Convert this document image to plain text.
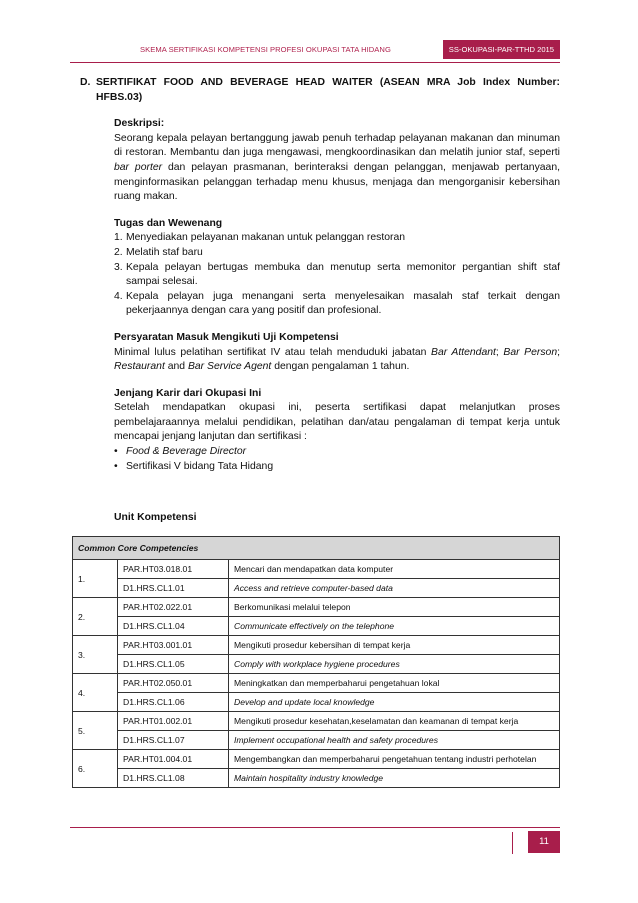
SS-OKUPASI-PAR-TTHD 2015
SKEMA SERTIFIKASI KOMPETENSI PROFESI OKUPASI TATA HIDANG

D. SERTIFIKAT FOOD AND BEVERAGE HEAD WAITER (ASEAN MRA Job Index Number: HFBS.03)

Deskripsi:

Seorang kepala pelayan bertanggung jawab penuh terhadap pelayanan makanan dan minuman di restoran. Membantu dan juga mengawasi, mengkoordinasikan dan melatih junior staf, seperti bar porter dan pelayan prasmanan, berinteraksi dengan pelanggan, menjawab pertanyaan, menginformasikan pelanggan terhadap menu khusus, menjaga dan mengorganisir kebersihan ruang makan.

Tugas dan Wewenang
1. Menyediakan pelayanan makanan untuk pelanggan restoran
2. Melatih staf baru
3. Kepala pelayan bertugas membuka dan menutup serta memonitor pergantian shift staf sampai selesai.
4. Kepala pelayan juga menangani serta menyelesaikan masalah staf terkait dengan pekerjaannya dengan cara yang positif dan profesional.
Persyaratan Masuk Mengikuti Uji Kompetensi

Minimal lulus pelatihan sertifikat IV atau telah menduduki jabatan Bar Attendant; Bar Person; Restaurant and Bar Service Agent dengan pengalaman 1 tahun.

Jenjang Karir dari Okupasi Ini

Setelah mendapatkan okupasi ini, peserta sertifikasi dapat melanjutkan proses pembelajaraannya melalui pendidikan, pelatihan dan/atau pengalaman di tempat kerja untuk mencapai jenjang lanjutan dan sertifikasi :

• Food & Beverage Director
• Sertifikasi V bidang Tata Hidang
Unit Kompetensi
Common Core Competencies		
1.	PAR.HT03.018.01	Mencari dan mendapatkan data komputer
	D1.HRS.CL1.01	Access and retrieve computer-based data
2.	PAR.HT02.022.01	Berkomunikasi melalui telepon
	D1.HRS.CL1.04	Communicate effectively on the telephone
3.	PAR.HT03.001.01	Mengikuti prosedur kebersihan di tempat kerja
	D1.HRS.CL1.05	Comply with workplace hygiene procedures
4.	PAR.HT02.050.01	Meningkatkan dan memperbaharui pengetahuan lokal
	D1.HRS.CL1.06	Develop and update local knowledge
5.	PAR.HT01.002.01	Mengikuti prosedur kesehatan,keselamatan dan keamanan di tempat kerja
	D1.HRS.CL1.07	Implement occupational health and safety procedures
6.	PAR.HT01.004.01	Mengembangkan dan memperbaharui pengetahuan tentang industri perhotelan
	D1.HRS.CL1.08	Maintain hospitality industry knowledge
11
